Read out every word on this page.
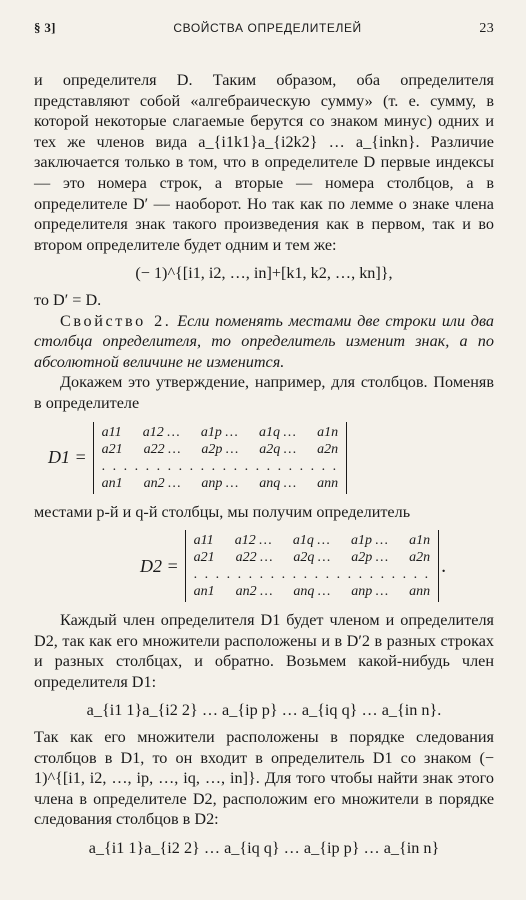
§ 3]	СВОЙСТВА ОПРЕДЕЛИТЕЛЕЙ	23

и определителя D. Таким образом, оба определителя представляют собой «алгебраическую сумму» (т. е. сумму, в которой некоторые слагаемые берутся со знаком минус) одних и тех же членов вида a_{i1k1}a_{i2k2} … a_{inkn}. Различие заключается только в том, что в определителе D первые индексы — это номера строк, а вторые — номера столбцов, а в определителе D′ — наоборот. Но так как по лемме о знаке члена определителя знак такого произведения как в первом, так и во втором определителе будет одним и тем же:

(− 1)^{[i1, i2, …, in]+[k1, k2, …, kn]},

то D′ = D.

Свойство 2. Если поменять местами две строки или два столбца определителя, то определитель изменит знак, а по абсолютной величине не изменится.

Докажем это утверждение, например, для столбцов. Поменяв в определителе

D1 =
a11 a12 … a1p … a1q … a1n
a21 a22 … a2p … a2q … a2n
. . . . . . . . . . . . . . . . . . . . . .
an1 an2 … anp … anq … ann

местами p-й и q-й столбцы, мы получим определитель

D2 =
a11 a12 … a1q … a1p … a1n
a21 a22 … a2q … a2p … a2n
. . . . . . . . . . . . . . . . . . . . . .
an1 an2 … anq … anp … ann
.

Каждый член определителя D1 будет членом и определителя D2, так как его множители расположены и в D′2 в разных строках и разных столбцах, и обратно. Возьмем какой-нибудь член определителя D1:

a_{i1 1}a_{i2 2} … a_{ip p} … a_{iq q} … a_{in n}.

Так как его множители расположены в порядке следования столбцов в D1, то он входит в определитель D1 со знаком (− 1)^{[i1, i2, …, ip, …, iq, …, in]}. Для того чтобы найти знак этого члена в определителе D2, расположим его множители в порядке следования столбцов в D2:

a_{i1 1}a_{i2 2} … a_{iq q} … a_{ip p} … a_{in n}
